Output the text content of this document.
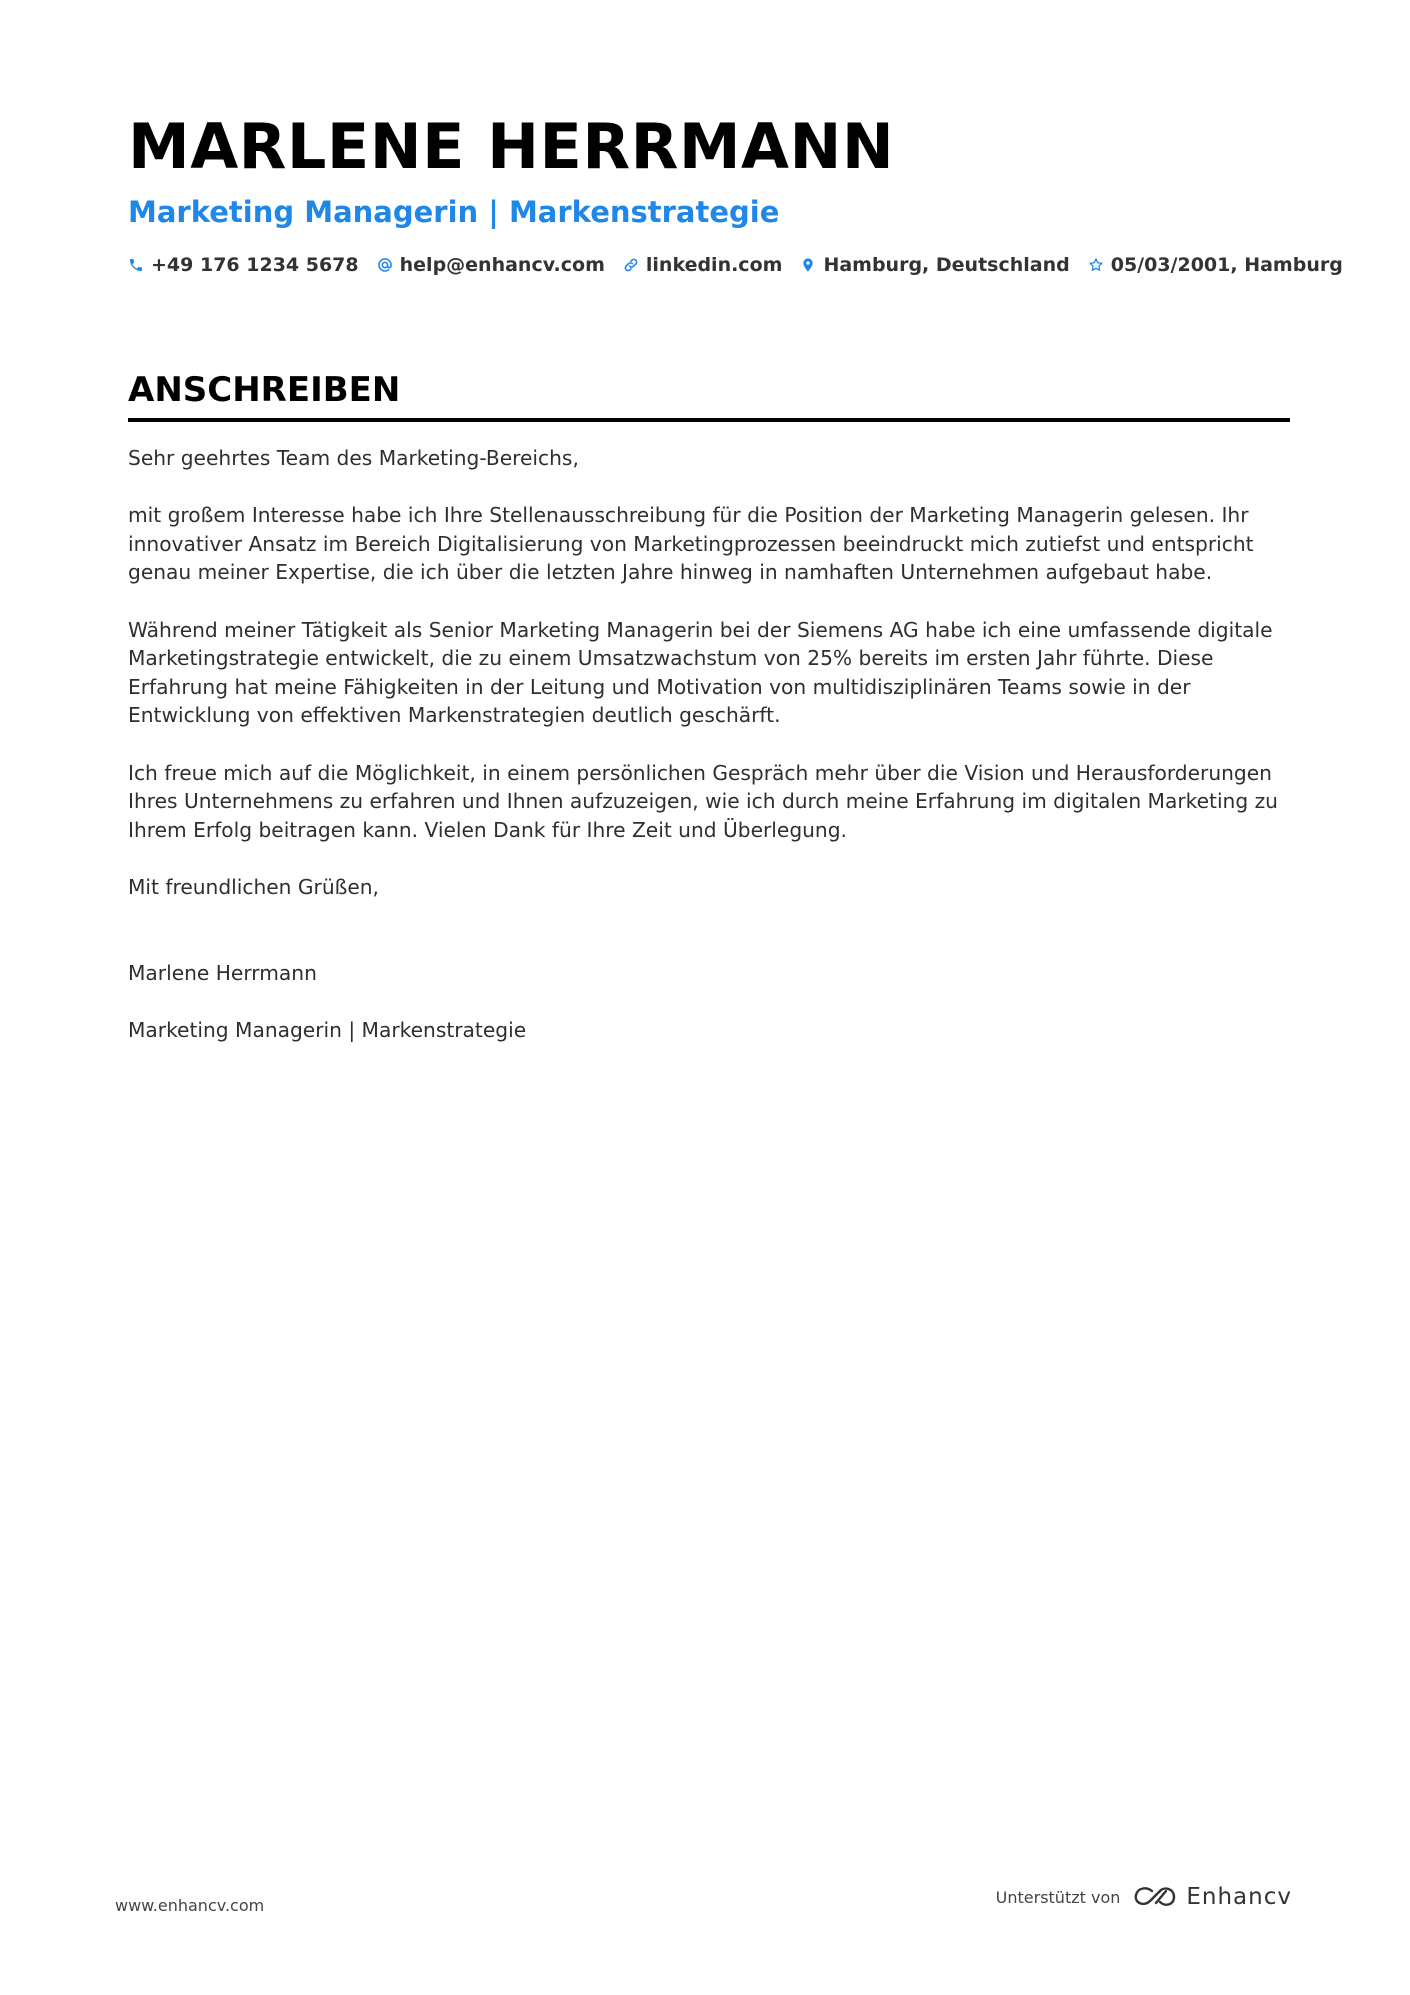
MARLENE HERRMANN
Marketing Managerin | Markenstrategie
+49 176 1234 5678 help@enhancv.com linkedin.com Hamburg, Deutschland 05/03/2001, Hamburg
ANSCHREIBEN

Sehr geehrtes Team des Marketing-Bereichs,

mit großem Interesse habe ich Ihre Stellenausschreibung für die Position der Marketing Managerin gelesen. Ihr innovativer Ansatz im Bereich Digitalisierung von Marketingprozessen beeindruckt mich zutiefst und entspricht genau meiner Expertise, die ich über die letzten Jahre hinweg in namhaften Unternehmen aufgebaut habe.

Während meiner Tätigkeit als Senior Marketing Managerin bei der Siemens AG habe ich eine umfassende digitale Marketingstrategie entwickelt, die zu einem Umsatzwachstum von 25% bereits im ersten Jahr führte. Diese Erfahrung hat meine Fähigkeiten in der Leitung und Motivation von multidisziplinären Teams sowie in der Entwicklung von effektiven Markenstrategien deutlich geschärft.

Ich freue mich auf die Möglichkeit, in einem persönlichen Gespräch mehr über die Vision und Herausforderungen Ihres Unternehmens zu erfahren und Ihnen aufzuzeigen, wie ich durch meine Erfahrung im digitalen Marketing zu Ihrem Erfolg beitragen kann. Vielen Dank für Ihre Zeit und Überlegung.

Mit freundlichen Grüßen,

Marlene Herrmann

Marketing Managerin | Markenstrategie

www.enhancv.com	Unterstützt von	Enhancv
